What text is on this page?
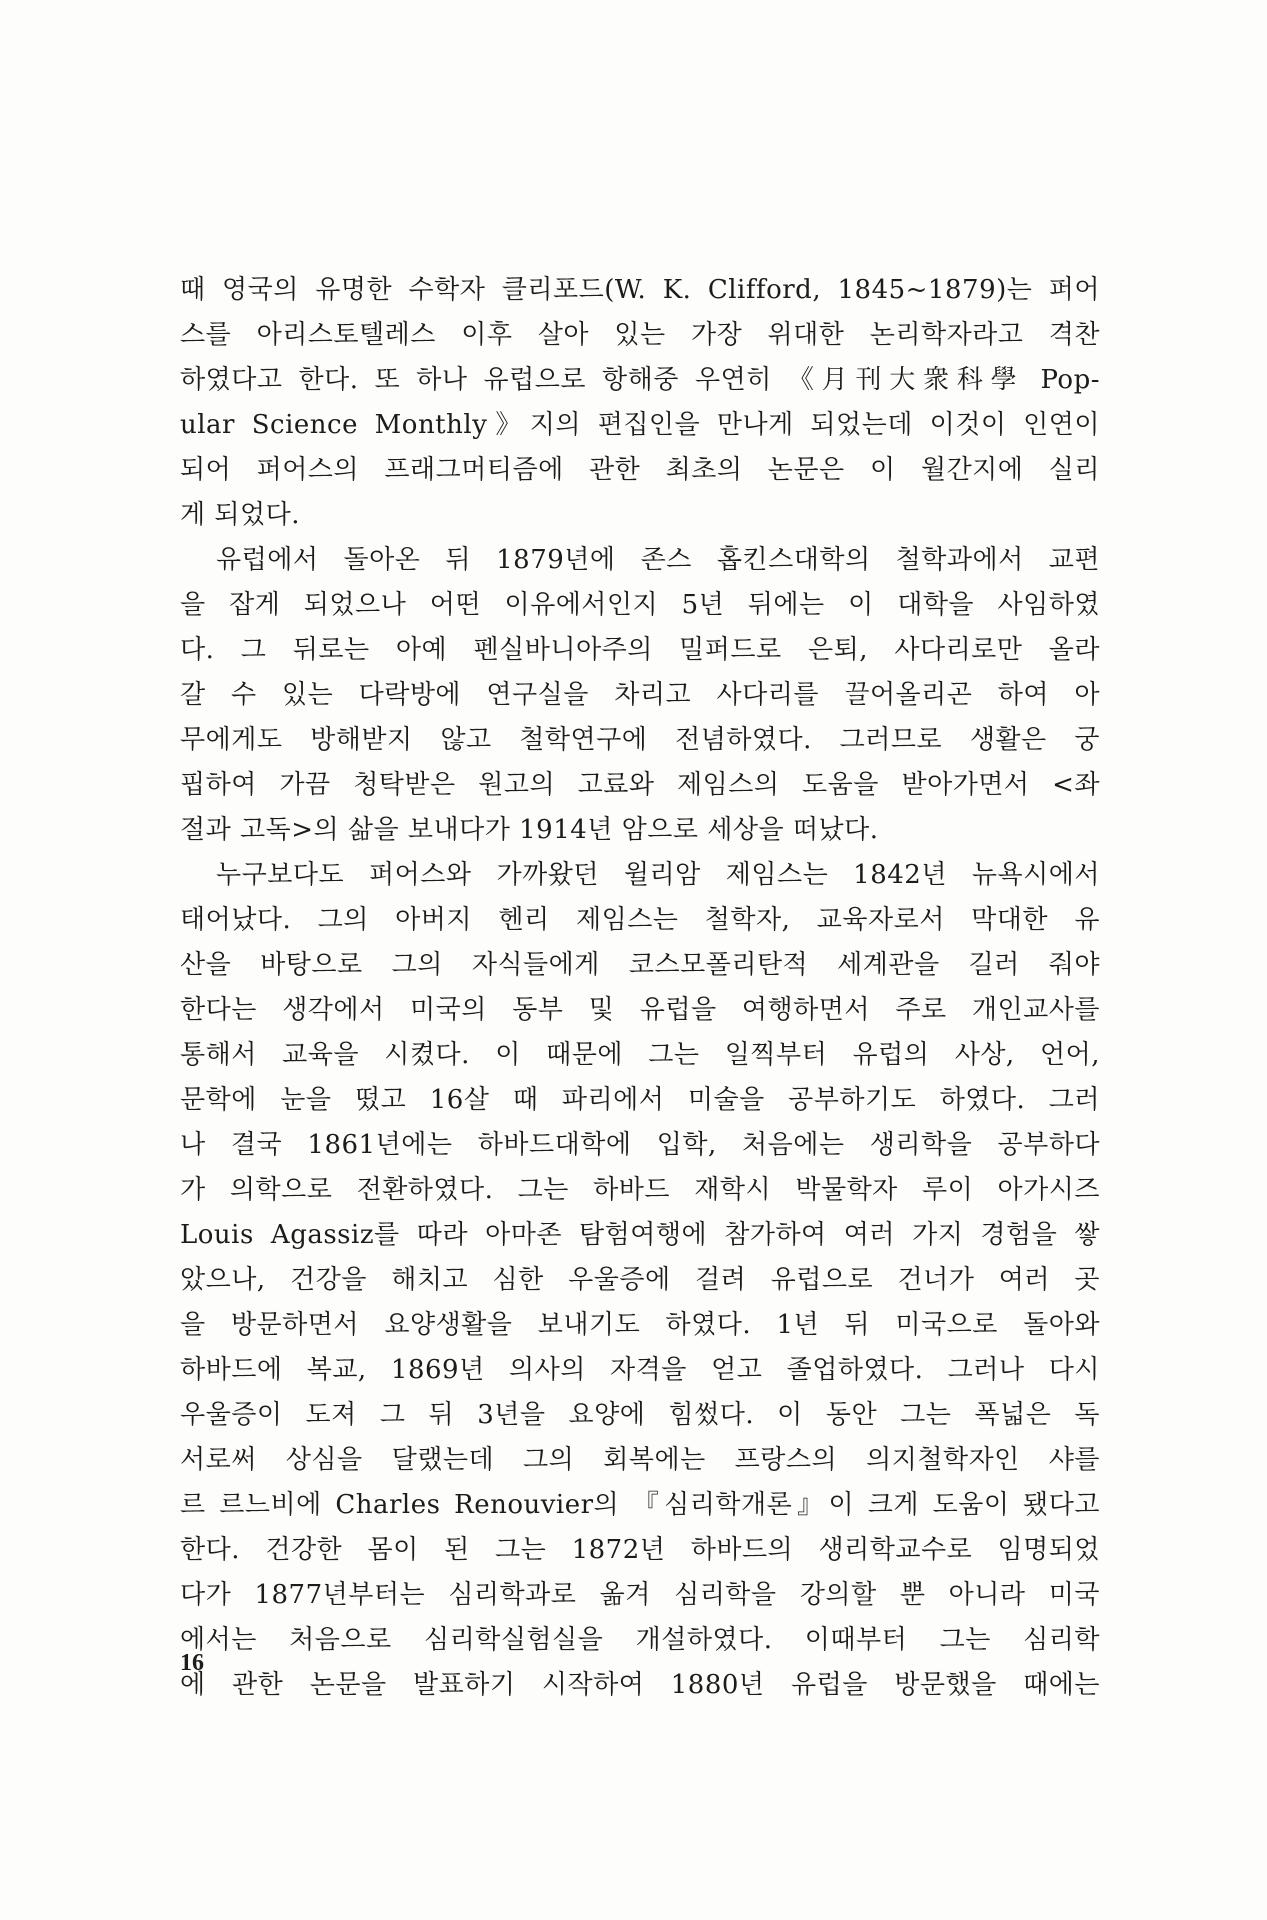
때 영국의 유명한 수학자 클리포드(W. K. Clifford, 1845~1879)는 퍼어
스를 아리스토텔레스 이후 살아 있는 가장 위대한 논리학자라고 격찬
하였다고 한다. 또 하나 유럽으로 항해중 우연히 《月刊大衆科學 Pop-
ular Science Monthly》지의 편집인을 만나게 되었는데 이것이 인연이
되어 퍼어스의 프래그머티즘에 관한 최초의 논문은 이 월간지에 실리
게 되었다.
유럽에서 돌아온 뒤 1879년에 존스 홉킨스대학의 철학과에서 교편
을 잡게 되었으나 어떤 이유에서인지 5년 뒤에는 이 대학을 사임하였
다. 그 뒤로는 아예 펜실바니아주의 밀퍼드로 은퇴, 사다리로만 올라
갈 수 있는 다락방에 연구실을 차리고 사다리를 끌어올리곤 하여 아
무에게도 방해받지 않고 철학연구에 전념하였다. 그러므로 생활은 궁
핍하여 가끔 청탁받은 원고의 고료와 제임스의 도움을 받아가면서 <좌
절과 고독>의 삶을 보내다가 1914년 암으로 세상을 떠났다.
누구보다도 퍼어스와 가까왔던 윌리암 제임스는 1842년 뉴욕시에서
태어났다. 그의 아버지 헨리 제임스는 철학자, 교육자로서 막대한 유
산을 바탕으로 그의 자식들에게 코스모폴리탄적 세계관을 길러 줘야
한다는 생각에서 미국의 동부 및 유럽을 여행하면서 주로 개인교사를
통해서 교육을 시켰다. 이 때문에 그는 일찍부터 유럽의 사상, 언어,
문학에 눈을 떴고 16살 때 파리에서 미술을 공부하기도 하였다. 그러
나 결국 1861년에는 하바드대학에 입학, 처음에는 생리학을 공부하다
가 의학으로 전환하였다. 그는 하바드 재학시 박물학자 루이 아가시즈
Louis Agassiz를 따라 아마존 탐험여행에 참가하여 여러 가지 경험을 쌓
았으나, 건강을 해치고 심한 우울증에 걸려 유럽으로 건너가 여러 곳
을 방문하면서 요양생활을 보내기도 하였다. 1년 뒤 미국으로 돌아와
하바드에 복교, 1869년 의사의 자격을 얻고 졸업하였다. 그러나 다시
우울증이 도져 그 뒤 3년을 요양에 힘썼다. 이 동안 그는 폭넓은 독
서로써 상심을 달랬는데 그의 회복에는 프랑스의 의지철학자인 샤를
르 르느비에 Charles Renouvier의 『심리학개론』이 크게 도움이 됐다고
한다. 건강한 몸이 된 그는 1872년 하바드의 생리학교수로 임명되었
다가 1877년부터는 심리학과로 옮겨 심리학을 강의할 뿐 아니라 미국
에서는 처음으로 심리학실험실을 개설하였다. 이때부터 그는 심리학
에 관한 논문을 발표하기 시작하여 1880년 유럽을 방문했을 때에는
16
